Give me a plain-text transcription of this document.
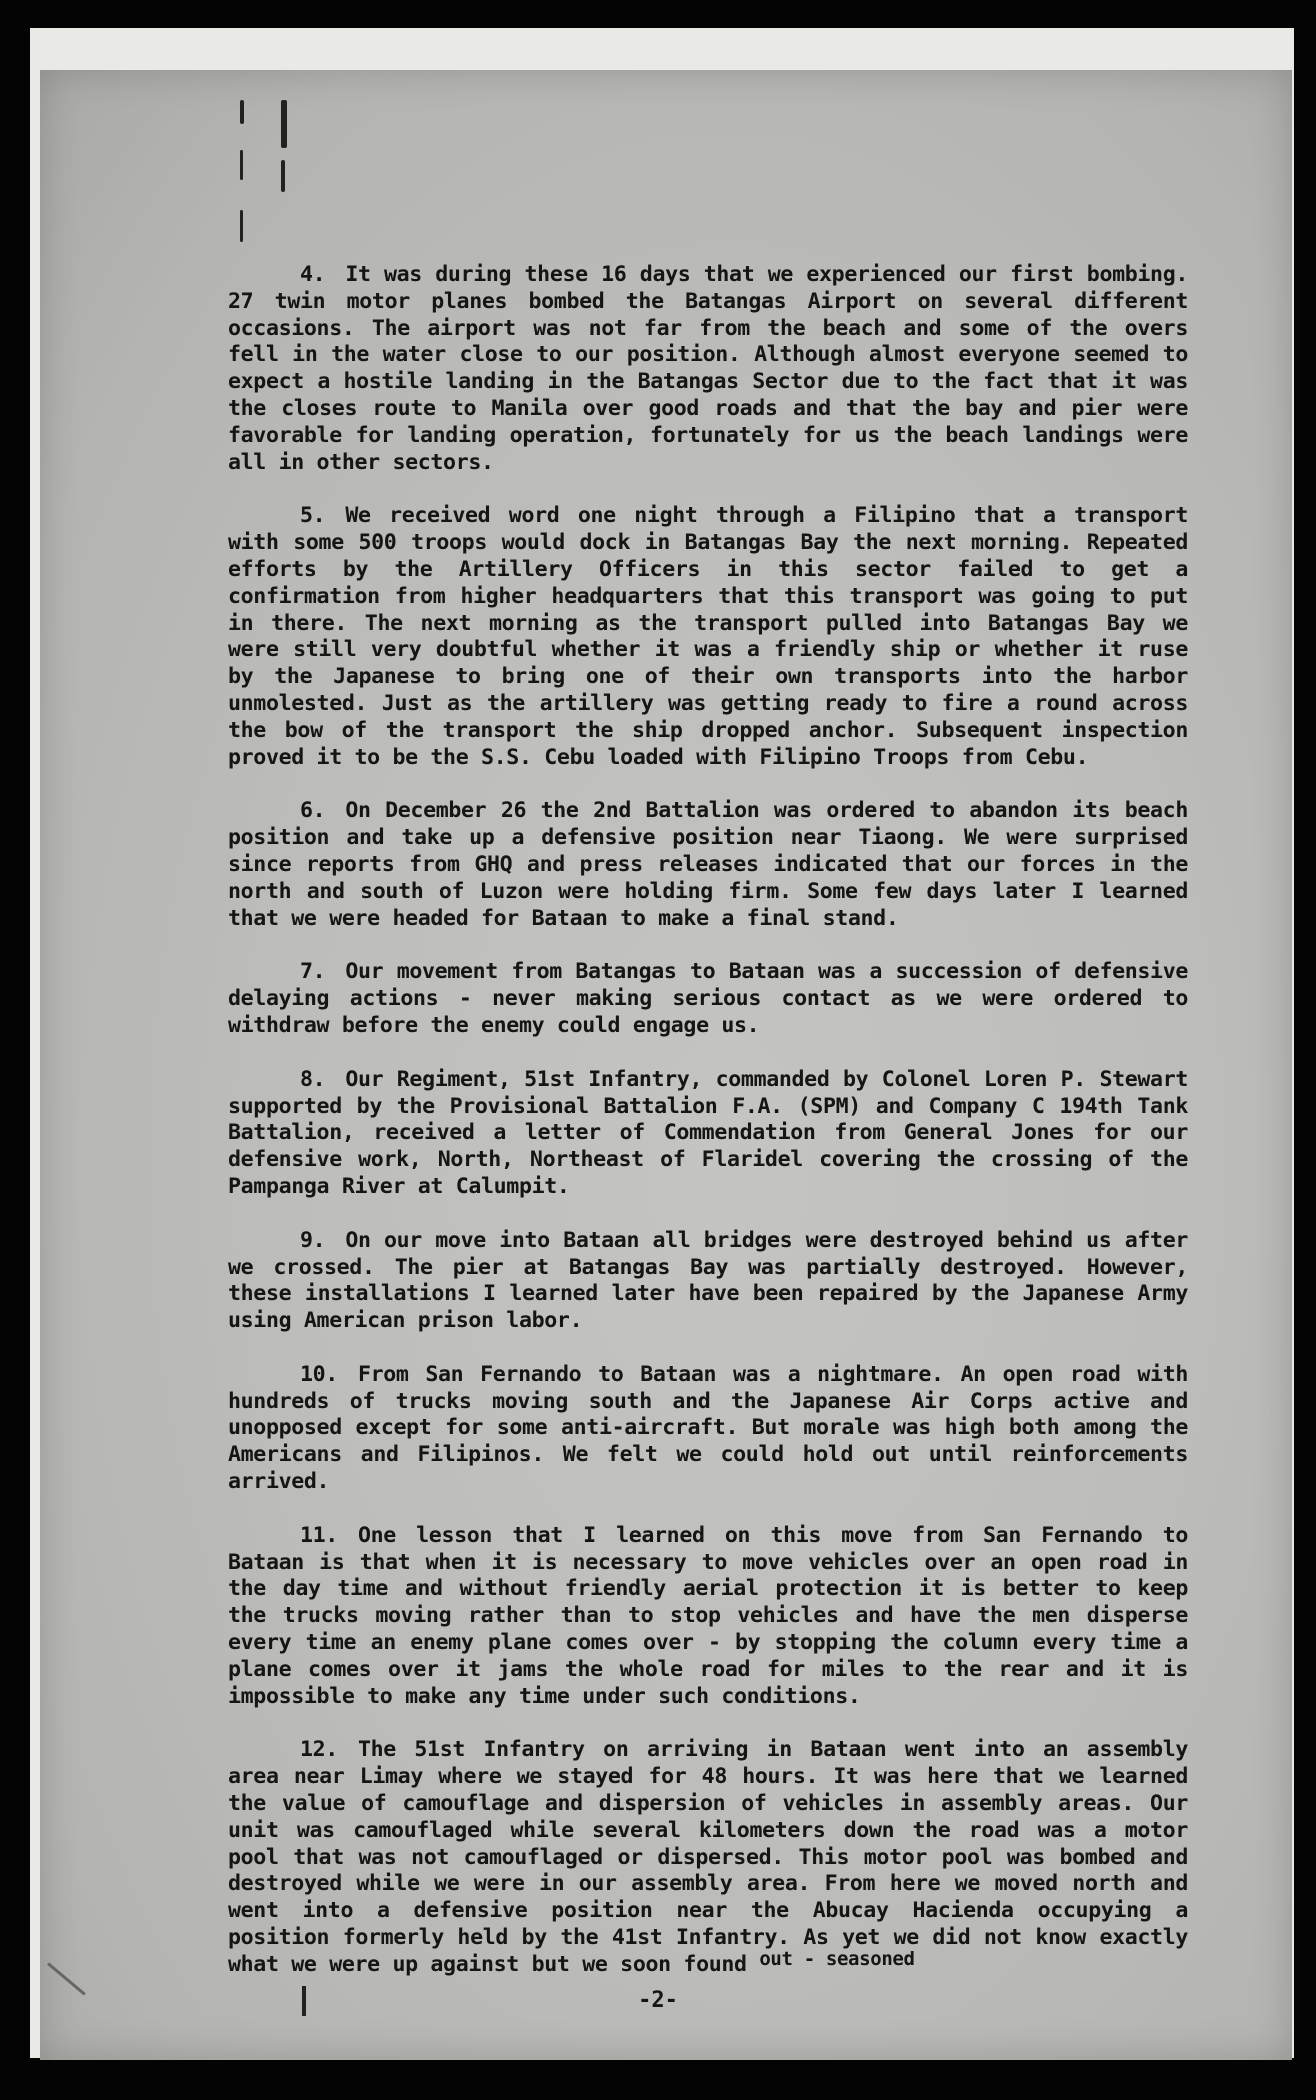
4. It was during these 16 days that we experienced our first bombing. 27 twin motor planes bombed the Batangas Airport on several different occasions. The airport was not far from the beach and some of the overs fell in the water close to our position. Although almost everyone seemed to expect a hostile landing in the Batangas Sector due to the fact that it was the closes route to Manila over good roads and that the bay and pier were favorable for landing operation, fortunately for us the beach landings were all in other sectors.

5. We received word one night through a Filipino that a transport with some 500 troops would dock in Batangas Bay the next morning. Repeated efforts by the Artillery Officers in this sector failed to get a confirmation from higher headquarters that this transport was going to put in there. The next morning as the transport pulled into Batangas Bay we were still very doubtful whether it was a friendly ship or whether it ruse by the Japanese to bring one of their own transports into the harbor unmolested. Just as the artillery was getting ready to fire a round across the bow of the transport the ship dropped anchor. Subsequent inspection proved it to be the S.S. Cebu loaded with Filipino Troops from Cebu.

6. On December 26 the 2nd Battalion was ordered to abandon its beach position and take up a defensive position near Tiaong. We were surprised since reports from GHQ and press releases indicated that our forces in the north and south of Luzon were holding firm. Some few days later I learned that we were headed for Bataan to make a final stand.

7. Our movement from Batangas to Bataan was a succession of defensive delaying actions - never making serious contact as we were ordered to withdraw before the enemy could engage us.

8. Our Regiment, 51st Infantry, commanded by Colonel Loren P. Stewart supported by the Provisional Battalion F.A. (SPM) and Company C 194th Tank Battalion, received a letter of Commendation from General Jones for our defensive work, North, Northeast of Flaridel covering the crossing of the Pampanga River at Calumpit.

9. On our move into Bataan all bridges were destroyed behind us after we crossed. The pier at Batangas Bay was partially destroyed. However, these installations I learned later have been repaired by the Japanese Army using American prison labor.

10. From San Fernando to Bataan was a nightmare. An open road with hundreds of trucks moving south and the Japanese Air Corps active and unopposed except for some anti-aircraft. But morale was high both among the Americans and Filipinos. We felt we could hold out until reinforcements arrived.

11. One lesson that I learned on this move from San Fernando to Bataan is that when it is necessary to move vehicles over an open road in the day time and without friendly aerial protection it is better to keep the trucks moving rather than to stop vehicles and have the men disperse every time an enemy plane comes over - by stopping the column every time a plane comes over it jams the whole road for miles to the rear and it is impossible to make any time under such conditions.

12. The 51st Infantry on arriving in Bataan went into an assembly area near Limay where we stayed for 48 hours. It was here that we learned the value of camouflage and dispersion of vehicles in assembly areas. Our unit was camouflaged while several kilometers down the road was a motor pool that was not camouflaged or dispersed. This motor pool was bombed and destroyed while we were in our assembly area. From here we moved north and went into a defensive position near the Abucay Hacienda occupying a position formerly held by the 41st Infantry. As yet we did not know exactly what we were up against but we soon found out - seasoned

-2-
